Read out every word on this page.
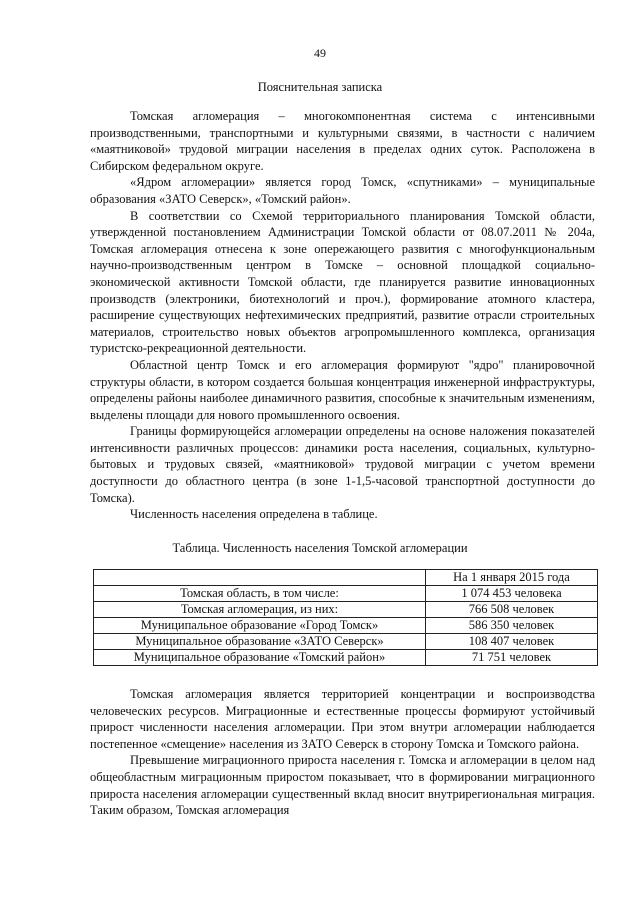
49
Пояснительная записка

Томская агломерация – многокомпонентная система с интенсивными производственными, транспортными и культурными связями, в частности с наличием «маятниковой» трудовой миграции населения в пределах одних суток. Расположена в Сибирском федеральном округе.

«Ядром агломерации» является город Томск, «спутниками» – муниципальные образования «ЗАТО Северск», «Томский район».

В соответствии со Схемой территориального планирования Томской области, утвержденной постановлением Администрации Томской области от 08.07.2011 № 204а, Томская агломерация отнесена к зоне опережающего развития с многофункциональным научно-производственным центром в Томске – основной площадкой социально-экономической активности Томской области, где планируется развитие инновационных производств (электроники, биотехнологий и проч.), формирование атомного кластера, расширение существующих нефтехимических предприятий, развитие отрасли строительных материалов, строительство новых объектов агропромышленного комплекса, организация туристско-рекреационной деятельности.

Областной центр Томск и его агломерация формируют "ядро" планировочной структуры области, в котором создается большая концентрация инженерной инфраструктуры, определены районы наиболее динамичного развития, способные к значительным изменениям, выделены площади для нового промышленного освоения.

Границы формирующейся агломерации определены на основе наложения показателей интенсивности различных процессов: динамики роста населения, социальных, культурно-бытовых и трудовых связей, «маятниковой» трудовой миграции с учетом времени доступности до областного центра (в зоне 1-1,5-часовой транспортной доступности до Томска).

Численность населения определена в таблице.

Таблица. Численность населения Томской агломерации
	На 1 января 2015 года
Томская область, в том числе:	1 074 453 человека
Томская агломерация, из них:	766 508 человек
Муниципальное образование «Город Томск»	586 350 человек
Муниципальное образование «ЗАТО Северск»	108 407 человек
Муниципальное образование «Томский район»	71 751 человек

Томская агломерация является территорией концентрации и воспроизводства человеческих ресурсов. Миграционные и естественные процессы формируют устойчивый прирост численности населения агломерации. При этом внутри агломерации наблюдается постепенное «смещение» населения из ЗАТО Северск в сторону Томска и Томского района.

Превышение миграционного прироста населения г. Томска и агломерации в целом над общеобластным миграционным приростом показывает, что в формировании миграционного прироста населения агломерации существенный вклад вносит внутрирегиональная миграция. Таким образом, Томская агломерация
